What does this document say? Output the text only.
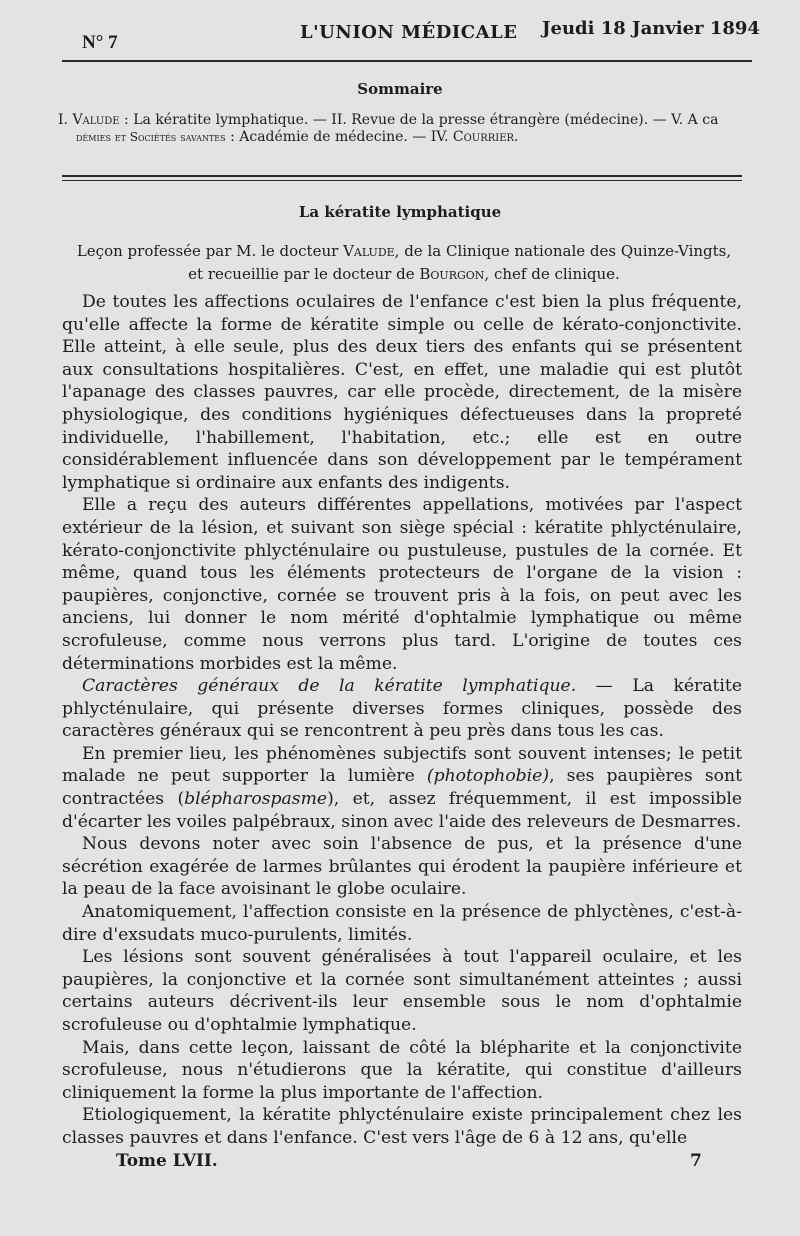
N° 7	L'UNION MÉDICALE Jeudi 18 Janvier 1894
Sommaire
I. Valude : La kératite lymphatique. — II. Revue de la presse étrangère (médecine). — V. A ca
démies et Sociétés savantes : Académie de médecine. — IV. Courrier.
La kératite lymphatique
Leçon professée par M. le docteur Valude, de la Clinique nationale des Quinze-Vingts,
et recueillie par le docteur de Bourgon, chef de clinique.

De toutes les affections oculaires de l'enfance c'est bien la plus fréquente, qu'elle affecte la forme de kératite simple ou celle de kérato-conjonctivite. Elle atteint, à elle seule, plus des deux tiers des enfants qui se présentent aux consultations hospitalières. C'est, en effet, une maladie qui est plutôt l'apanage des classes pauvres, car elle procède, directement, de la misère physiologique, des conditions hygiéniques défectueuses dans la propreté individuelle, l'habillement, l'habitation, etc.; elle est en outre considérablement influencée dans son développement par le tempérament lymphatique si ordinaire aux enfants des indigents.

Elle a reçu des auteurs différentes appellations, motivées par l'aspect extérieur de la lésion, et suivant son siège spécial : kératite phlycténulaire, kérato-conjonctivite phlycténulaire ou pustuleuse, pustules de la cornée. Et même, quand tous les éléments protecteurs de l'organe de la vision : paupières, conjonctive, cornée se trouvent pris à la fois, on peut avec les anciens, lui donner le nom mérité d'ophtalmie lymphatique ou même scrofuleuse, comme nous verrons plus tard. L'origine de toutes ces déterminations morbides est la même.

Caractères généraux de la kératite lymphatique. — La kératite phlycténulaire, qui présente diverses formes cliniques, possède des caractères généraux qui se rencontrent à peu près dans tous les cas.

En premier lieu, les phénomènes subjectifs sont souvent intenses; le petit malade ne peut supporter la lumière (photophobie), ses paupières sont contractées (blépharospasme), et, assez fréquemment, il est impossible d'écarter les voiles palpébraux, sinon avec l'aide des releveurs de Desmarres.

Nous devons noter avec soin l'absence de pus, et la présence d'une sécrétion exagérée de larmes brûlantes qui érodent la paupière inférieure et la peau de la face avoisinant le globe oculaire.

Anatomiquement, l'affection consiste en la présence de phlyctènes, c'est-à-dire d'exsudats muco-purulents, limités.

Les lésions sont souvent généralisées à tout l'appareil oculaire, et les paupières, la conjonctive et la cornée sont simultanément atteintes ; aussi certains auteurs décrivent-ils leur ensemble sous le nom d'ophtalmie scrofuleuse ou d'ophtalmie lymphatique.

Mais, dans cette leçon, laissant de côté la blépharite et la conjonctivite scrofuleuse, nous n'étudierons que la kératite, qui constitue d'ailleurs cliniquement la forme la plus importante de l'affection.

Etiologiquement, la kératite phlycténulaire existe principalement chez les classes pauvres et dans l'enfance. C'est vers l'âge de 6 à 12 ans, qu'elle

Tome LVII.	7
